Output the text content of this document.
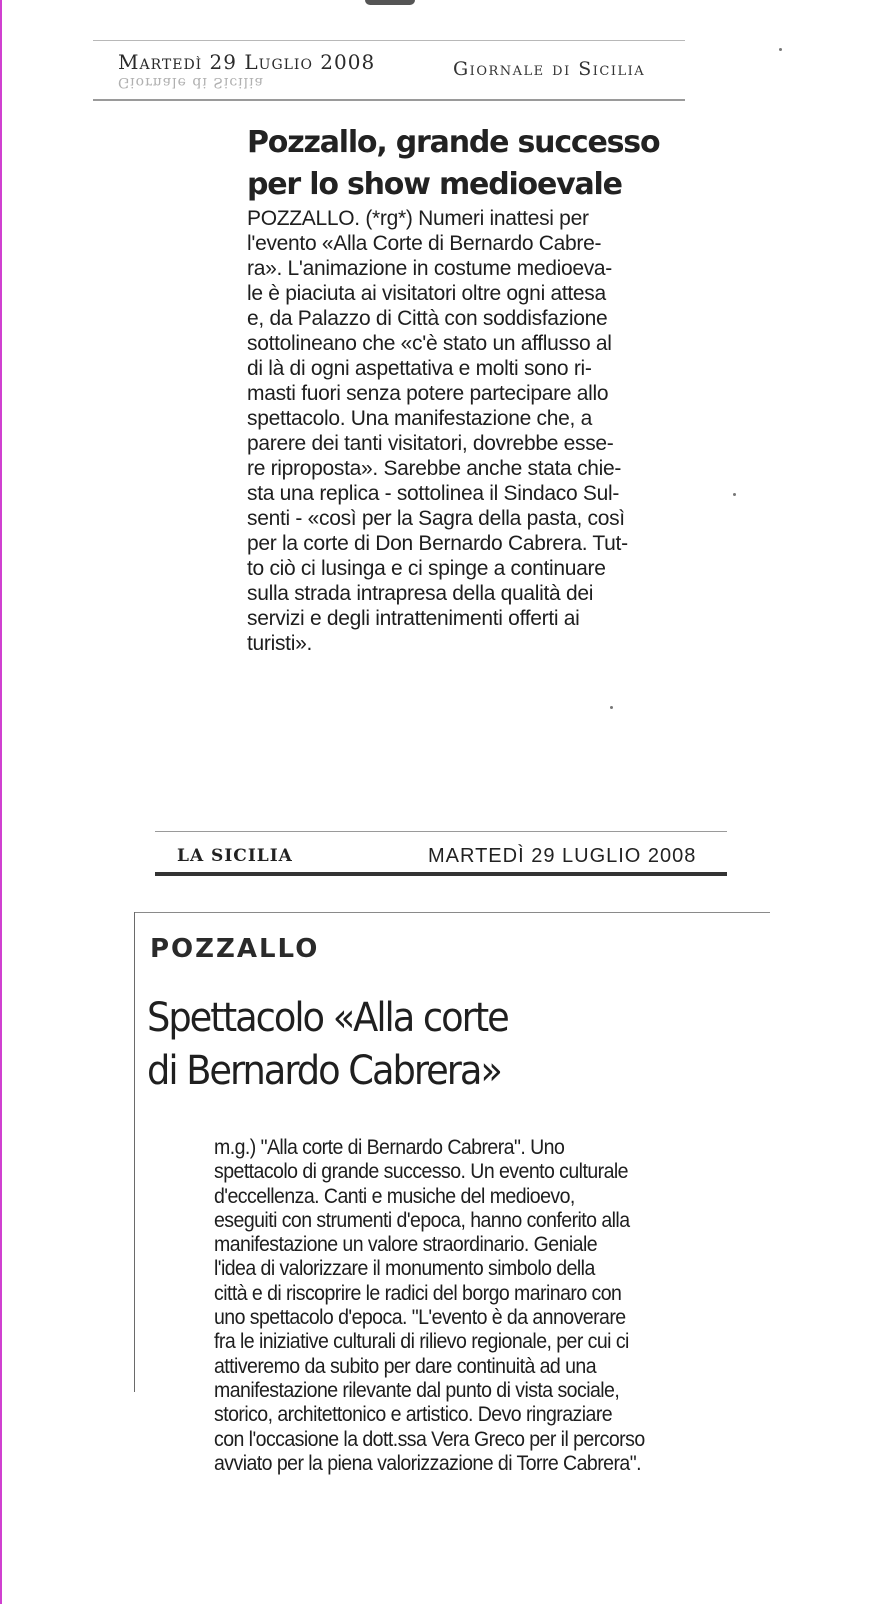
Martedì 29 Luglio 2008
Giornale di Sicilia
Giornale di Sicilia
Pozzallo, grande successo
per lo show medioevale
POZZALLO. (*rg*) Numeri inattesi per
l'evento «Alla Corte di Bernardo Cabre-
ra». L'animazione in costume medioeva-
le è piaciuta ai visitatori oltre ogni attesa
e, da Palazzo di Città con soddisfazione
sottolineano che «c'è stato un afflusso al
di là di ogni aspettativa e molti sono ri-
masti fuori senza potere partecipare allo
spettacolo. Una manifestazione che, a
parere dei tanti visitatori, dovrebbe esse-
re riproposta». Sarebbe anche stata chie-
sta una replica - sottolinea il Sindaco Sul-
senti - «così per la Sagra della pasta, così
per la corte di Don Bernardo Cabrera. Tut-
to ciò ci lusinga e ci spinge a continuare
sulla strada intrapresa della qualità dei
servizi e degli intrattenimenti offerti ai
turisti».
LA SICILIA	MARTEDÌ 29 LUGLIO 2008
POZZALLO
Spettacolo «Alla corte
di Bernardo Cabrera»
m.g.) "Alla corte di Bernardo Cabrera". Uno
spettacolo di grande successo. Un evento culturale
d'eccellenza. Canti e musiche del medioevo,
eseguiti con strumenti d'epoca, hanno conferito alla
manifestazione un valore straordinario. Geniale
l'idea di valorizzare il monumento simbolo della
città e di riscoprire le radici del borgo marinaro con
uno spettacolo d'epoca. "L'evento è da annoverare
fra le iniziative culturali di rilievo regionale, per cui ci
attiveremo da subito per dare continuità ad una
manifestazione rilevante dal punto di vista sociale,
storico, architettonico e artistico. Devo ringraziare
con l'occasione la dott.ssa Vera Greco per il percorso
avviato per la piena valorizzazione di Torre Cabrera".
